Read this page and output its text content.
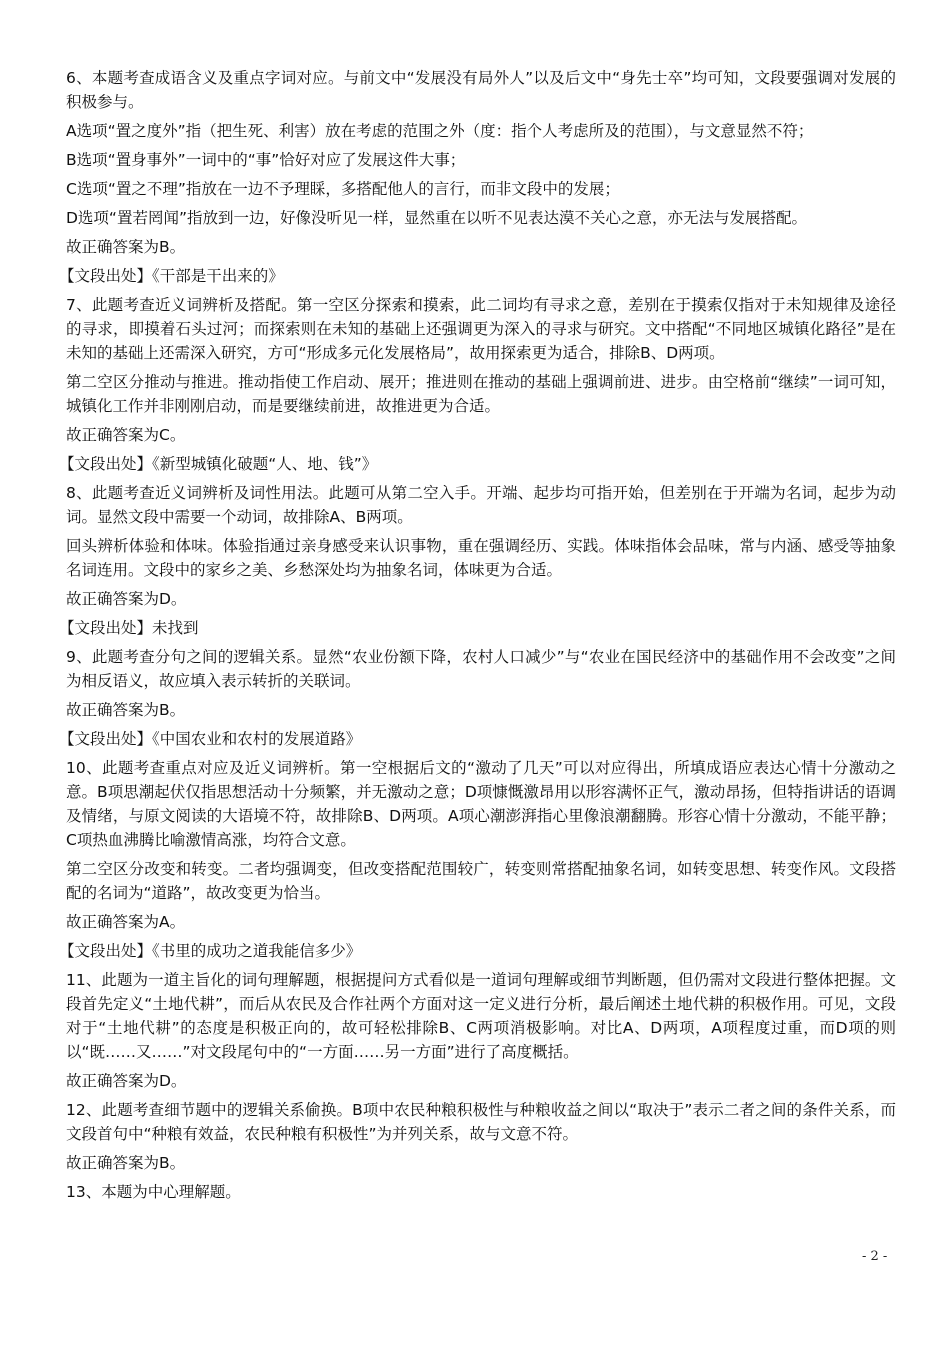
6、本题考查成语含义及重点字词对应。与前文中“发展没有局外人”以及后文中“身先士卒”均可知，文段要强调对发展的积极参与。

A选项“置之度外”指（把生死、利害）放在考虑的范围之外（度：指个人考虑所及的范围），与文意显然不符；

B选项“置身事外”一词中的“事”恰好对应了发展这件大事；

C选项“置之不理”指放在一边不予理睬，多搭配他人的言行，而非文段中的发展；

D选项“置若罔闻”指放到一边，好像没听见一样，显然重在以听不见表达漠不关心之意，亦无法与发展搭配。

故正确答案为B。

【文段出处】《干部是干出来的》

7、此题考查近义词辨析及搭配。第一空区分探索和摸索，此二词均有寻求之意，差别在于摸索仅指对于未知规律及途径的寻求，即摸着石头过河；而探索则在未知的基础上还强调更为深入的寻求与研究。文中搭配“不同地区城镇化路径”是在未知的基础上还需深入研究，方可“形成多元化发展格局”，故用探索更为适合，排除B、D两项。

第二空区分推动与推进。推动指使工作启动、展开；推进则在推动的基础上强调前进、进步。由空格前“继续”一词可知，城镇化工作并非刚刚启动，而是要继续前进，故推进更为合适。

故正确答案为C。

【文段出处】《新型城镇化破题“人、地、钱”》

8、此题考查近义词辨析及词性用法。此题可从第二空入手。开端、起步均可指开始，但差别在于开端为名词，起步为动词。显然文段中需要一个动词，故排除A、B两项。

回头辨析体验和体味。体验指通过亲身感受来认识事物，重在强调经历、实践。体味指体会品味，常与内涵、感受等抽象名词连用。文段中的家乡之美、乡愁深处均为抽象名词，体味更为合适。

故正确答案为D。

【文段出处】未找到

9、此题考查分句之间的逻辑关系。显然“农业份额下降，农村人口减少”与“农业在国民经济中的基础作用不会改变”之间为相反语义，故应填入表示转折的关联词。

故正确答案为B。

【文段出处】《中国农业和农村的发展道路》

10、此题考查重点对应及近义词辨析。第一空根据后文的“激动了几天”可以对应得出，所填成语应表达心情十分激动之意。B项思潮起伏仅指思想活动十分频繁，并无激动之意；D项慷慨激昂用以形容满怀正气，激动昂扬，但特指讲话的语调及情绪，与原文阅读的大语境不符，故排除B、D两项。A项心潮澎湃指心里像浪潮翻腾。形容心情十分激动，不能平静；C项热血沸腾比喻激情高涨，均符合文意。

第二空区分改变和转变。二者均强调变，但改变搭配范围较广，转变则常搭配抽象名词，如转变思想、转变作风。文段搭配的名词为“道路”，故改变更为恰当。

故正确答案为A。

【文段出处】《书里的成功之道我能信多少》

11、此题为一道主旨化的词句理解题，根据提问方式看似是一道词句理解或细节判断题，但仍需对文段进行整体把握。文段首先定义“土地代耕”，而后从农民及合作社两个方面对这一定义进行分析，最后阐述土地代耕的积极作用。可见，文段对于“土地代耕”的态度是积极正向的，故可轻松排除B、C两项消极影响。对比A、D两项，A项程度过重，而D项的则以“既……又……”对文段尾句中的“一方面……另一方面”进行了高度概括。

故正确答案为D。

12、此题考查细节题中的逻辑关系偷换。B项中农民种粮积极性与种粮收益之间以“取决于”表示二者之间的条件关系，而文段首句中“种粮有效益，农民种粮有积极性”为并列关系，故与文意不符。

故正确答案为B。

13、本题为中心理解题。

- 2 -
